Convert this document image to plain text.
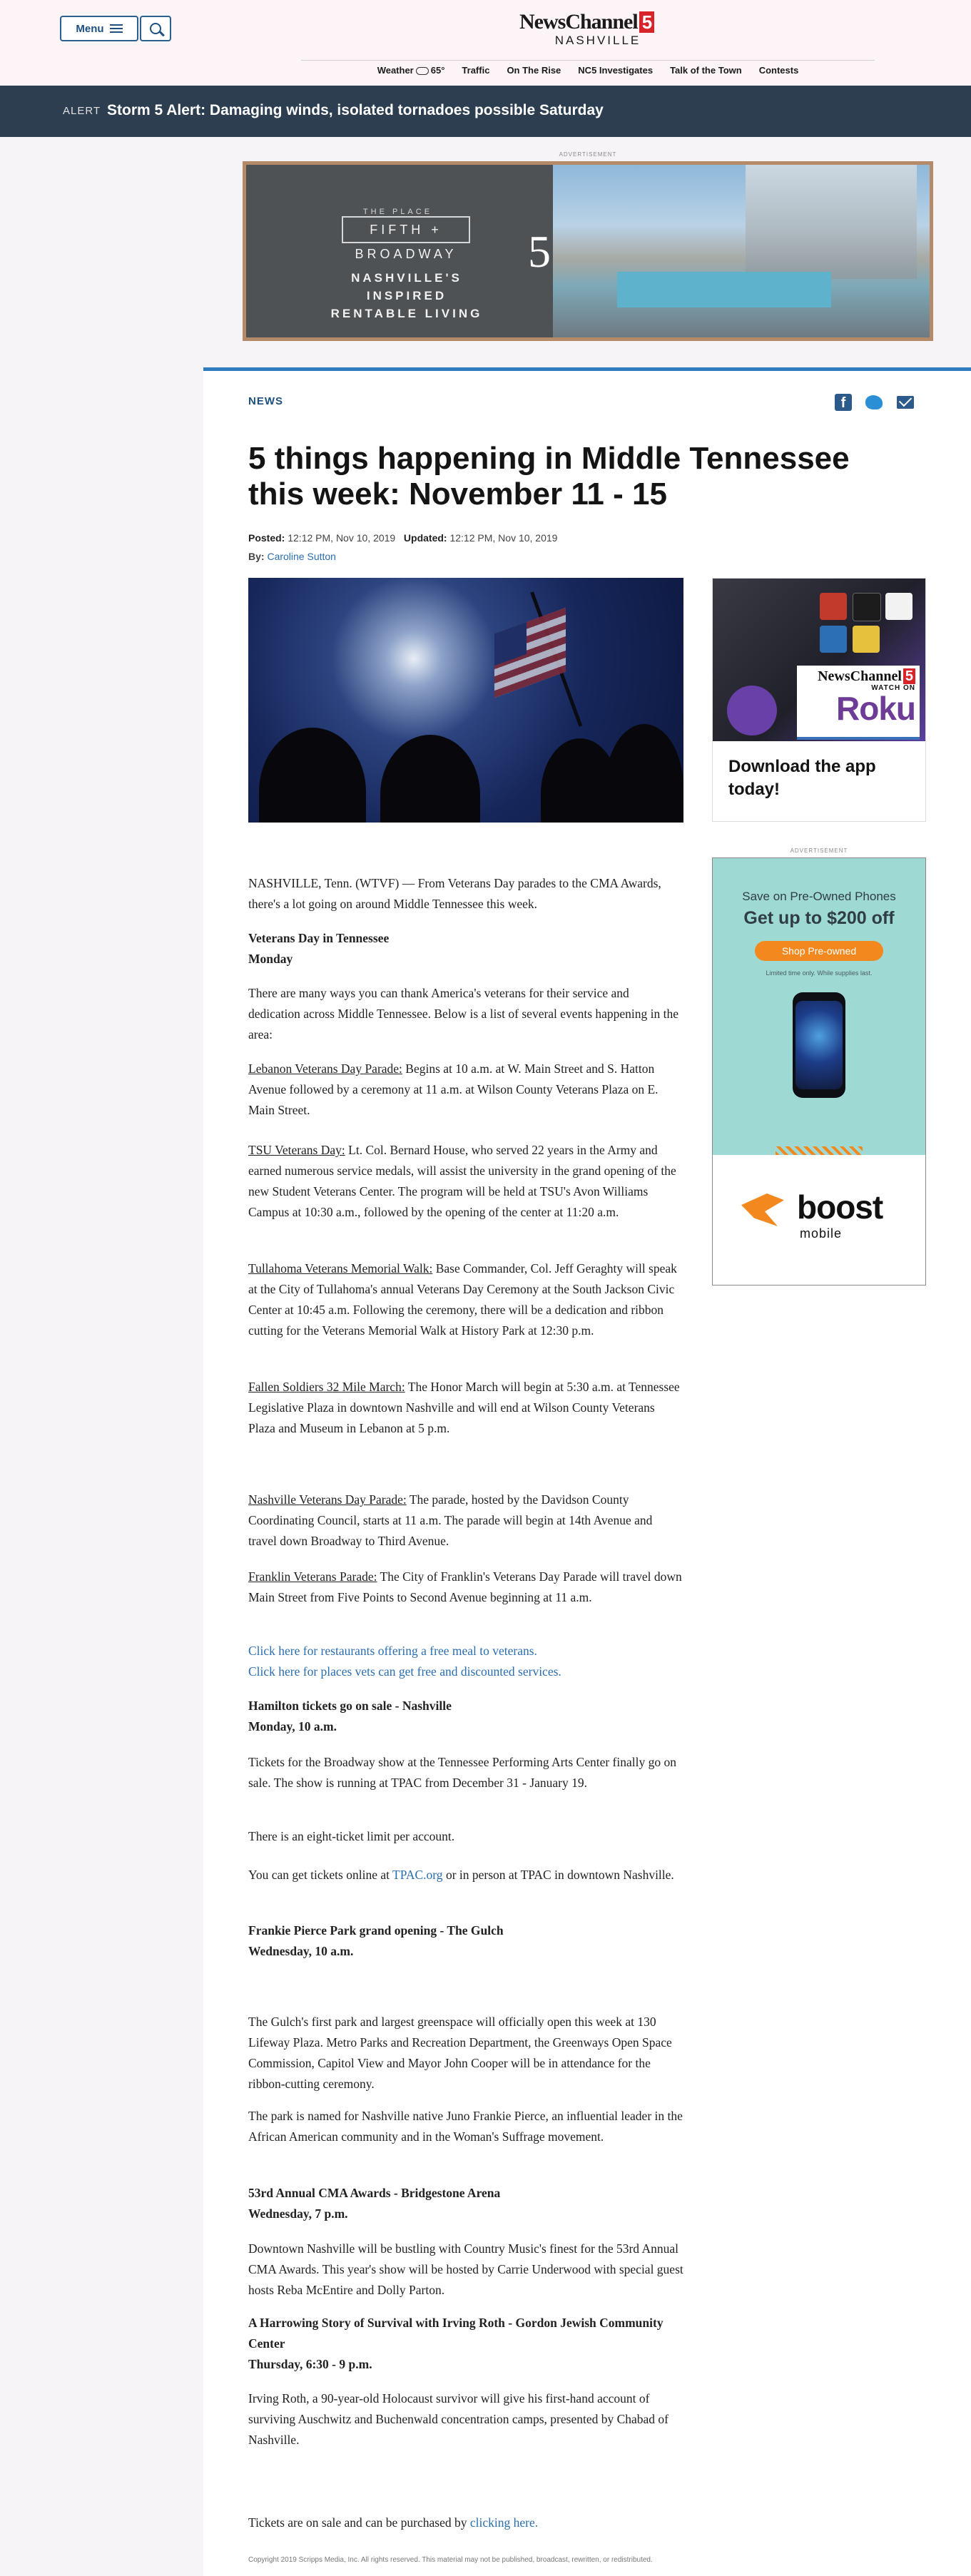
Menu	NewsChannel 5
NASHVILLE
Weather 65° Traffic On The Rise NC5 Investigates Talk of the Town Contests
ALERT Storm 5 Alert: Damaging winds, isolated tornadoes possible Saturday
ADVERTISEMENT
THE PLACE
FIFTH + BROADWAY
NASHVILLE'S INSPIRED
RENTABLE LIVING
5
NEWS	f
5 things happening in Middle Tennessee this week: November 11 - 15
Posted: 12:12 PM, Nov 10, 2019 Updated: 12:12 PM, Nov 10, 2019
By: Caroline Sutton
NewsChannel 5
WATCH ON
Roku
Download the app today!
ADVERTISEMENT
Save on Pre-Owned Phones
Get up to $200 off
Shop Pre-owned
Limited time only. While supplies last.
boost
mobile

NASHVILLE, Tenn. (WTVF) — From Veterans Day parades to the CMA Awards, there's a lot going on around Middle Tennessee this week.

Veterans Day in Tennessee
Monday

There are many ways you can thank America's veterans for their service and dedication across Middle Tennessee. Below is a list of several events happening in the area:

Lebanon Veterans Day Parade: Begins at 10 a.m. at W. Main Street and S. Hatton Avenue followed by a ceremony at 11 a.m. at Wilson County Veterans Plaza on E. Main Street.

TSU Veterans Day: Lt. Col. Bernard House, who served 22 years in the Army and earned numerous service medals, will assist the university in the grand opening of the new Student Veterans Center. The program will be held at TSU's Avon Williams Campus at 10:30 a.m., followed by the opening of the center at 11:20 a.m.

Tullahoma Veterans Memorial Walk: Base Commander, Col. Jeff Geraghty will speak at the City of Tullahoma's annual Veterans Day Ceremony at the South Jackson Civic Center at 10:45 a.m. Following the ceremony, there will be a dedication and ribbon cutting for the Veterans Memorial Walk at History Park at 12:30 p.m.

Fallen Soldiers 32 Mile March: The Honor March will begin at 5:30 a.m. at Tennessee Legislative Plaza in downtown Nashville and will end at Wilson County Veterans Plaza and Museum in Lebanon at 5 p.m.

Nashville Veterans Day Parade: The parade, hosted by the Davidson County Coordinating Council, starts at 11 a.m. The parade will begin at 14th Avenue and travel down Broadway to Third Avenue.

Franklin Veterans Parade: The City of Franklin's Veterans Day Parade will travel down Main Street from Five Points to Second Avenue beginning at 11 a.m.

Click here for restaurants offering a free meal to veterans.
Click here for places vets can get free and discounted services.

Hamilton tickets go on sale - Nashville
Monday, 10 a.m.

Tickets for the Broadway show at the Tennessee Performing Arts Center finally go on sale. The show is running at TPAC from December 31 - January 19.

There is an eight-ticket limit per account.

You can get tickets online at TPAC.org or in person at TPAC in downtown Nashville.

Frankie Pierce Park grand opening - The Gulch
Wednesday, 10 a.m.

The Gulch's first park and largest greenspace will officially open this week at 130 Lifeway Plaza. Metro Parks and Recreation Department, the Greenways Open Space Commission, Capitol View and Mayor John Cooper will be in attendance for the ribbon-cutting ceremony.

The park is named for Nashville native Juno Frankie Pierce, an influential leader in the African American community and in the Woman's Suffrage movement.

53rd Annual CMA Awards - Bridgestone Arena
Wednesday, 7 p.m.

Downtown Nashville will be bustling with Country Music's finest for the 53rd Annual CMA Awards. This year's show will be hosted by Carrie Underwood with special guest hosts Reba McEntire and Dolly Parton.

A Harrowing Story of Survival with Irving Roth - Gordon Jewish Community Center
Thursday, 6:30 - 9 p.m.

Irving Roth, a 90-year-old Holocaust survivor will give his first-hand account of surviving Auschwitz and Buchenwald concentration camps, presented by Chabad of Nashville.

Tickets are on sale and can be purchased by clicking here.

Copyright 2019 Scripps Media, Inc. All rights reserved. This material may not be published, broadcast, rewritten, or redistributed.
